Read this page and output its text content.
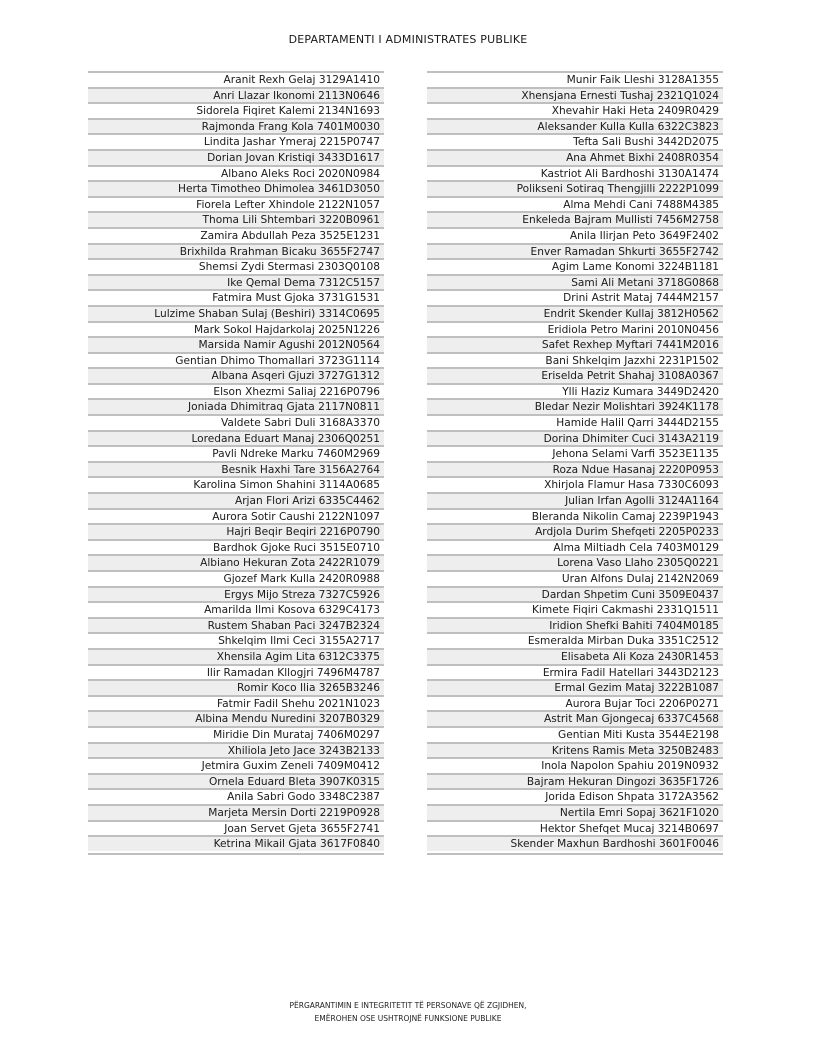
DEPARTAMENTI I ADMINISTRATES PUBLIKE
Aranit Rexh Gelaj 3129A1410
Anri Llazar Ikonomi 2113N0646
Sidorela Fiqiret Kalemi 2134N1693
Rajmonda Frang Kola 7401M0030
Lindita Jashar Ymeraj 2215P0747
Dorian Jovan Kristiqi 3433D1617
Albano Aleks Roci 2020N0984
Herta Timotheo Dhimolea 3461D3050
Fiorela Lefter Xhindole 2122N1057
Thoma Lili Shtembari 3220B0961
Zamira Abdullah Peza 3525E1231
Brixhilda Rrahman Bicaku 3655F2747
Shemsi Zydi Stermasi 2303Q0108
Ike Qemal Dema 7312C5157
Fatmira Must Gjoka 3731G1531
Lulzime Shaban Sulaj (Beshiri) 3314C0695
Mark Sokol Hajdarkolaj 2025N1226
Marsida Namir Agushi 2012N0564
Gentian Dhimo Thomallari 3723G1114
Albana Asqeri Gjuzi 3727G1312
Elson Xhezmi Saliaj 2216P0796
Joniada Dhimitraq Gjata 2117N0811
Valdete Sabri Duli 3168A3370
Loredana Eduart Manaj 2306Q0251
Pavli Ndreke Marku 7460M2969
Besnik Haxhi Tare 3156A2764
Karolina Simon Shahini 3114A0685
Arjan Flori Arizi 6335C4462
Aurora Sotir Caushi 2122N1097
Hajri Beqir Beqiri 2216P0790
Bardhok Gjoke Ruci 3515E0710
Albiano Hekuran Zota 2422R1079
Gjozef Mark Kulla 2420R0988
Ergys Mijo Streza 7327C5926
Amarilda Ilmi Kosova 6329C4173
Rustem Shaban Paci 3247B2324
Shkelqim Ilmi Ceci 3155A2717
Xhensila Agim Lita 6312C3375
Ilir Ramadan Kllogjri 7496M4787
Romir Koco Ilia 3265B3246
Fatmir Fadil Shehu 2021N1023
Albina Mendu Nuredini 3207B0329
Miridie Din Murataj 7406M0297
Xhiliola Jeto Jace 3243B2133
Jetmira Guxim Zeneli 7409M0412
Ornela Eduard Bleta 3907K0315
Anila Sabri Godo 3348C2387
Marjeta Mersin Dorti 2219P0928
Joan Servet Gjeta 3655F2741
Ketrina Mikail Gjata 3617F0840
Munir Faik Lleshi 3128A1355
Xhensjana Ernesti Tushaj 2321Q1024
Xhevahir Haki Heta 2409R0429
Aleksander Kulla Kulla 6322C3823
Tefta Sali Bushi 3442D2075
Ana Ahmet Bixhi 2408R0354
Kastriot Ali Bardhoshi 3130A1474
Polikseni Sotiraq Thengjilli 2222P1099
Alma Mehdi Cani 7488M4385
Enkeleda Bajram Mullisti 7456M2758
Anila Ilirjan Peto 3649F2402
Enver Ramadan Shkurti 3655F2742
Agim Lame Konomi 3224B1181
Sami Ali Metani 3718G0868
Drini Astrit Mataj 7444M2157
Endrit Skender Kullaj 3812H0562
Eridiola Petro Marini 2010N0456
Safet Rexhep Myftari 7441M2016
Bani Shkelqim Jazxhi 2231P1502
Eriselda Petrit Shahaj 3108A0367
Ylli Haziz Kumara 3449D2420
Bledar Nezir Molishtari 3924K1178
Hamide Halil Qarri 3444D2155
Dorina Dhimiter Cuci 3143A2119
Jehona Selami Varfi 3523E1135
Roza Ndue Hasanaj 2220P0953
Xhirjola Flamur Hasa 7330C6093
Julian Irfan Agolli 3124A1164
Bleranda Nikolin Camaj 2239P1943
Ardjola Durim Shefqeti 2205P0233
Alma Miltiadh Cela 7403M0129
Lorena Vaso Llaho 2305Q0221
Uran Alfons Dulaj 2142N2069
Dardan Shpetim Cuni 3509E0437
Kimete Fiqiri Cakmashi 2331Q1511
Iridion Shefki Bahiti 7404M0185
Esmeralda Mirban Duka 3351C2512
Elisabeta Ali Koza 2430R1453
Ermira Fadil Hatellari 3443D2123
Ermal Gezim Mataj 3222B1087
Aurora Bujar Toci 2206P0271
Astrit Man Gjongecaj 6337C4568
Gentian Miti Kusta 3544E2198
Kritens Ramis Meta 3250B2483
Inola Napolon Spahiu 2019N0932
Bajram Hekuran Dingozi 3635F1726
Jorida Edison Shpata 3172A3562
Nertila Emri Sopaj 3621F1020
Hektor Shefqet Mucaj 3214B0697
Skender Maxhun Bardhoshi 3601F0046
PËRGARANTIMIN E INTEGRITETIT TË PERSONAVE QË ZGJIDHEN,
EMËROHEN OSE USHTROJNË FUNKSIONE PUBLIKE
